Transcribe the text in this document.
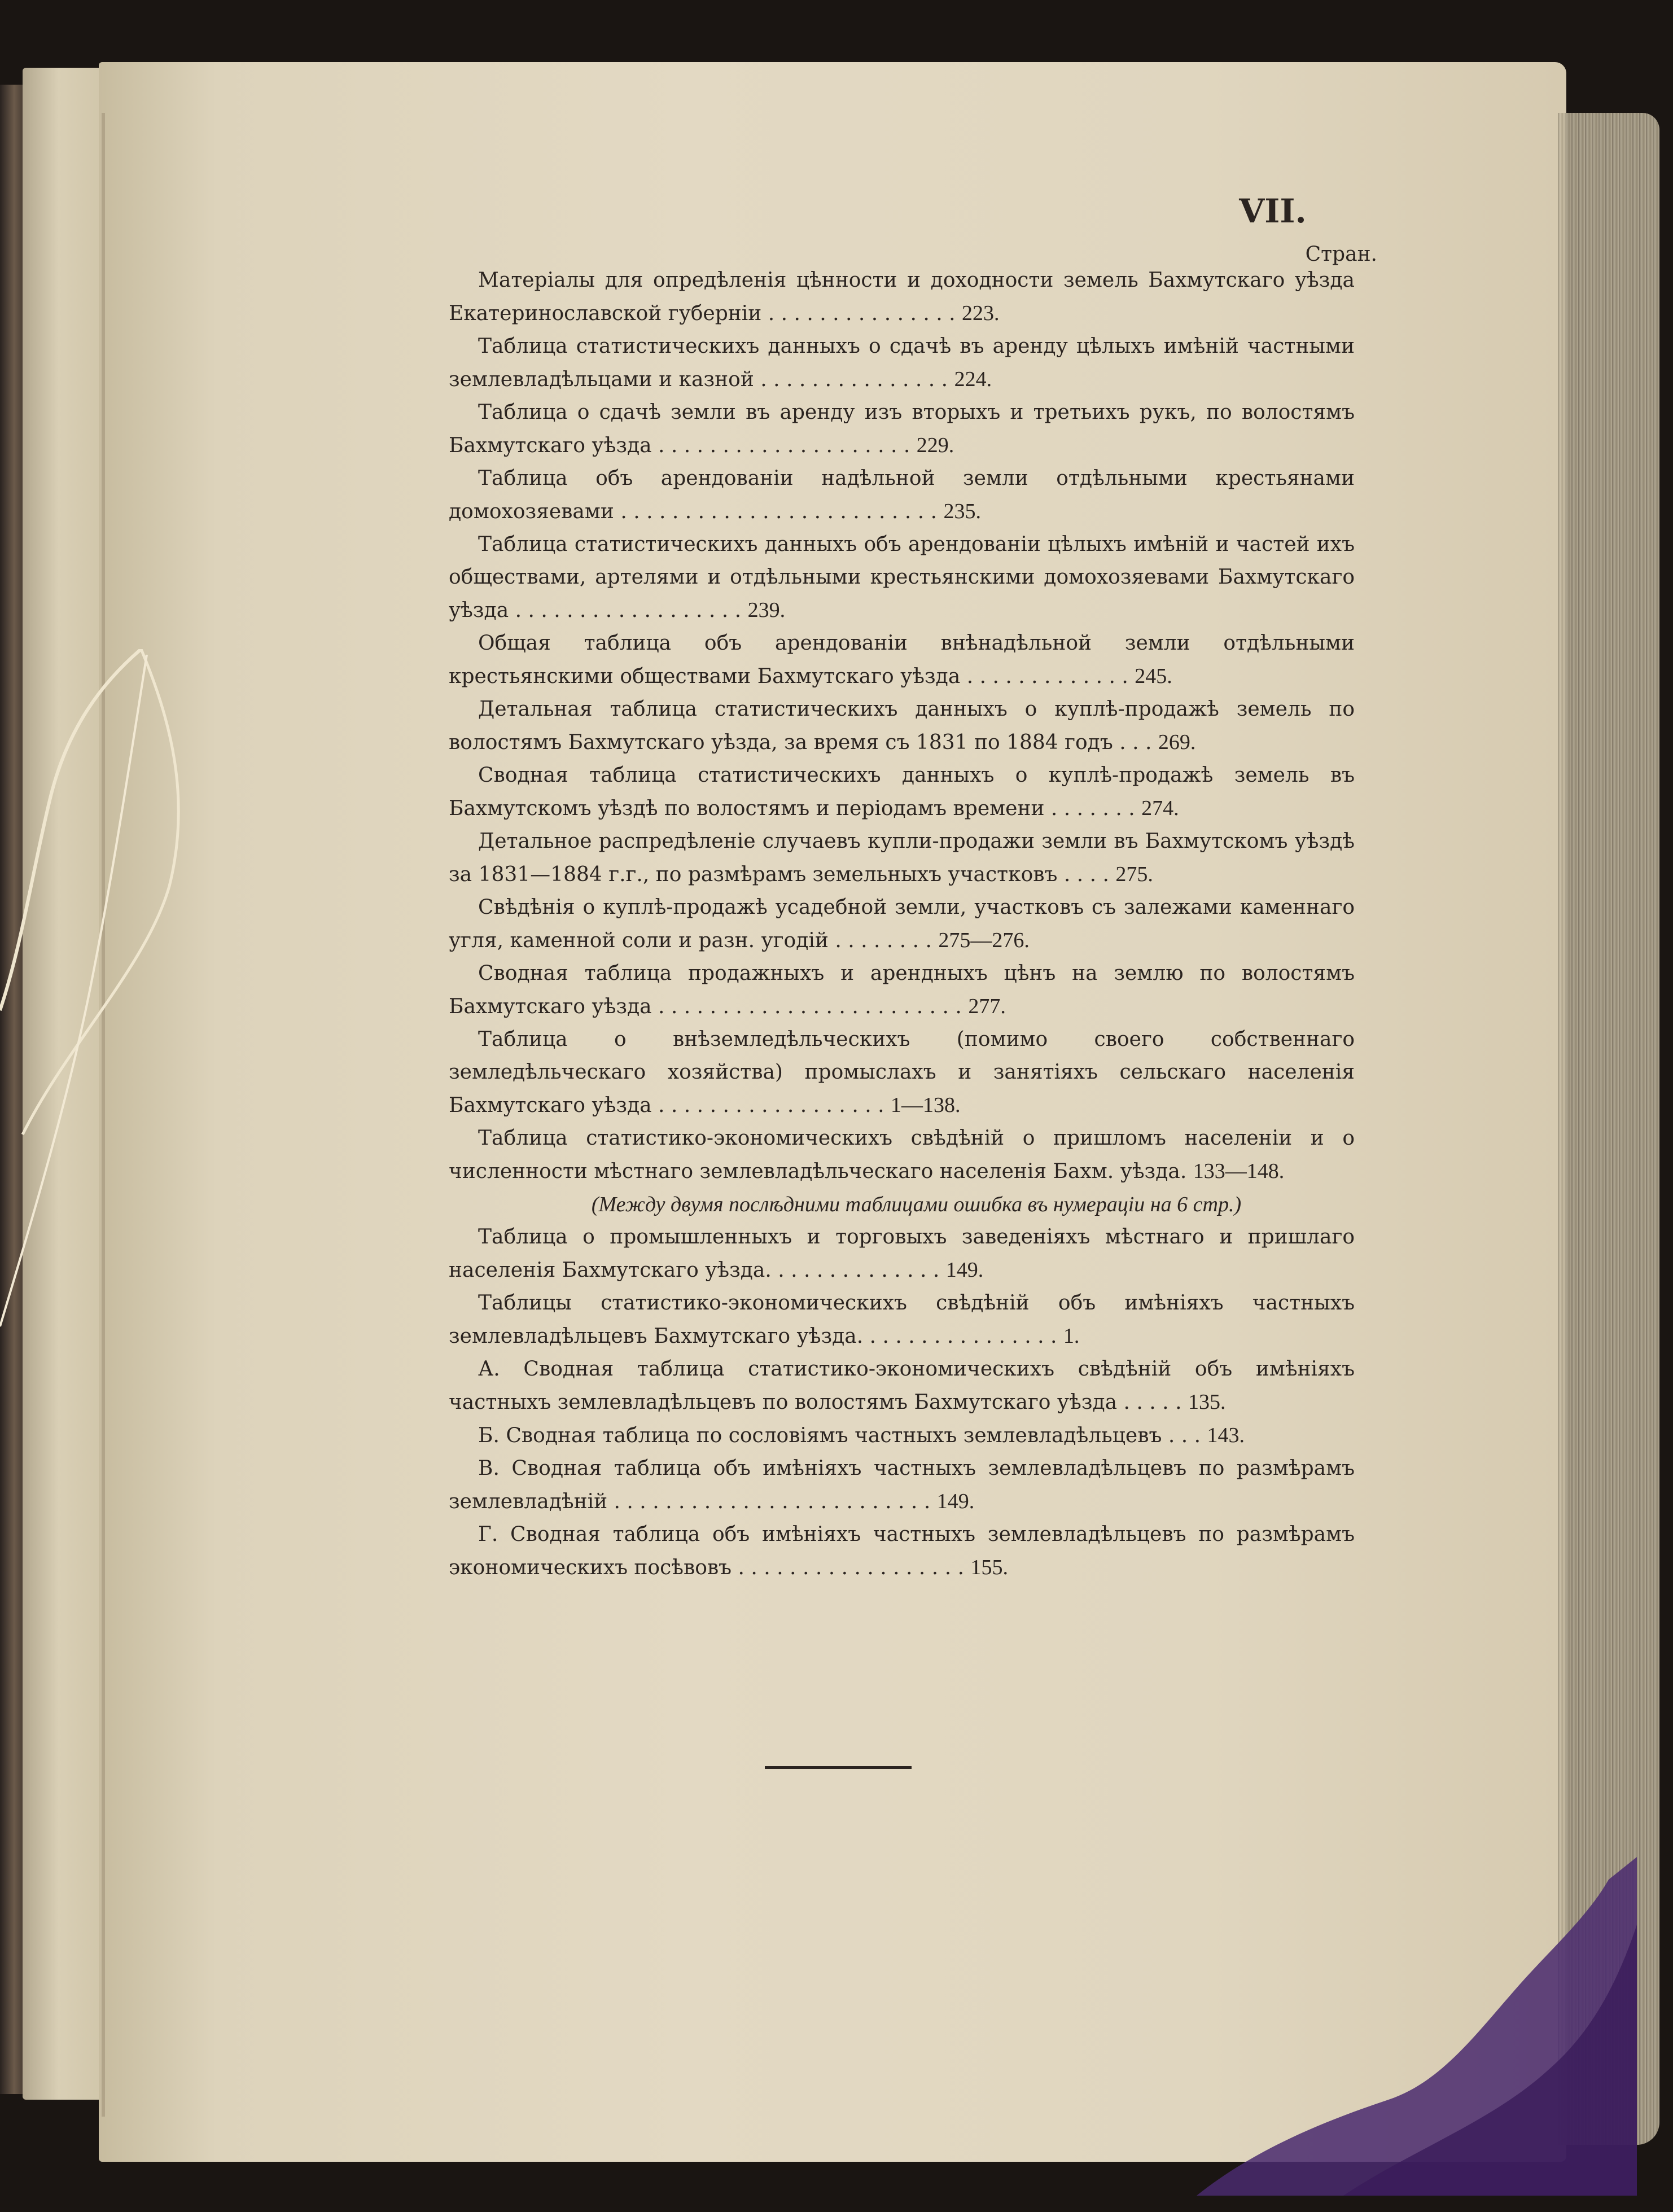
VII.
Стран.
Матеріалы для опредѣленія цѣнности и доходности земель Бахмутскаго уѣзда Екатеринославской губерніи . . . . . . . . . . . . . . . 223.
Таблица статистическихъ данныхъ о сдачѣ въ аренду цѣлыхъ имѣній частными землевладѣльцами и казной . . . . . . . . . . . . . . . 224.
Таблица о сдачѣ земли въ аренду изъ вторыхъ и третьихъ рукъ, по волостямъ Бахмутскаго уѣзда . . . . . . . . . . . . . . . . . . . . 229.
Таблица объ арендованіи надѣльной земли отдѣльными крестьянами домохозяевами . . . . . . . . . . . . . . . . . . . . . . . . . 235.
Таблица статистическихъ данныхъ объ арендованіи цѣлыхъ имѣній и частей ихъ обществами, артелями и отдѣльными крестьянскими домохозяевами Бахмутскаго уѣзда . . . . . . . . . . . . . . . . . . 239.
Общая таблица объ арендованіи внѣнадѣльной земли отдѣльными крестьянскими обществами Бахмутскаго уѣзда . . . . . . . . . . . . . 245.
Детальная таблица статистическихъ данныхъ о куплѣ-продажѣ земель по волостямъ Бахмутскаго уѣзда, за время съ 1831 по 1884 годъ . . . 269.
Сводная таблица статистическихъ данныхъ о куплѣ-продажѣ земель въ Бахмутскомъ уѣздѣ по волостямъ и періодамъ времени . . . . . . . 274.
Детальное распредѣленіе случаевъ купли-продажи земли въ Бахмутскомъ уѣздѣ за 1831—1884 г.г., по размѣрамъ земельныхъ участковъ . . . . 275.
Свѣдѣнія о куплѣ-продажѣ усадебной земли, участковъ съ залежами каменнаго угля, каменной соли и разн. угодій . . . . . . . . 275—276.
Сводная таблица продажныхъ и арендныхъ цѣнъ на землю по волостямъ Бахмутскаго уѣзда . . . . . . . . . . . . . . . . . . . . . . . . 277.
Таблица о внѣземледѣльческихъ (помимо своего собственнаго земледѣльческаго хозяйства) промыслахъ и занятіяхъ сельскаго населенія Бахмутскаго уѣзда . . . . . . . . . . . . . . . . . . 1—138.
Таблица статистико-экономическихъ свѣдѣній о пришломъ населеніи и о численности мѣстнаго землевладѣльческаго населенія Бахм. уѣзда. 133—148.
(Между двумя послѣдними таблицами ошибка въ нумераціи на 6 стр.)
Таблица о промышленныхъ и торговыхъ заведеніяхъ мѣстнаго и пришлаго населенія Бахмутскаго уѣзда. . . . . . . . . . . . . . 149.
Таблицы статистико-экономическихъ свѣдѣній объ имѣніяхъ частныхъ землевладѣльцевъ Бахмутскаго уѣзда. . . . . . . . . . . . . . . . 1.
А. Сводная таблица статистико-экономическихъ свѣдѣній объ имѣніяхъ частныхъ землевладѣльцевъ по волостямъ Бахмутскаго уѣзда . . . . . 135.
Б. Сводная таблица по сословіямъ частныхъ землевладѣльцевъ . . . 143.
В. Сводная таблица объ имѣніяхъ частныхъ землевладѣльцевъ по размѣрамъ землевладѣній . . . . . . . . . . . . . . . . . . . . . . . . . 149.
Г. Сводная таблица объ имѣніяхъ частныхъ землевладѣльцевъ по размѣрамъ экономическихъ посѣвовъ . . . . . . . . . . . . . . . . . . 155.
